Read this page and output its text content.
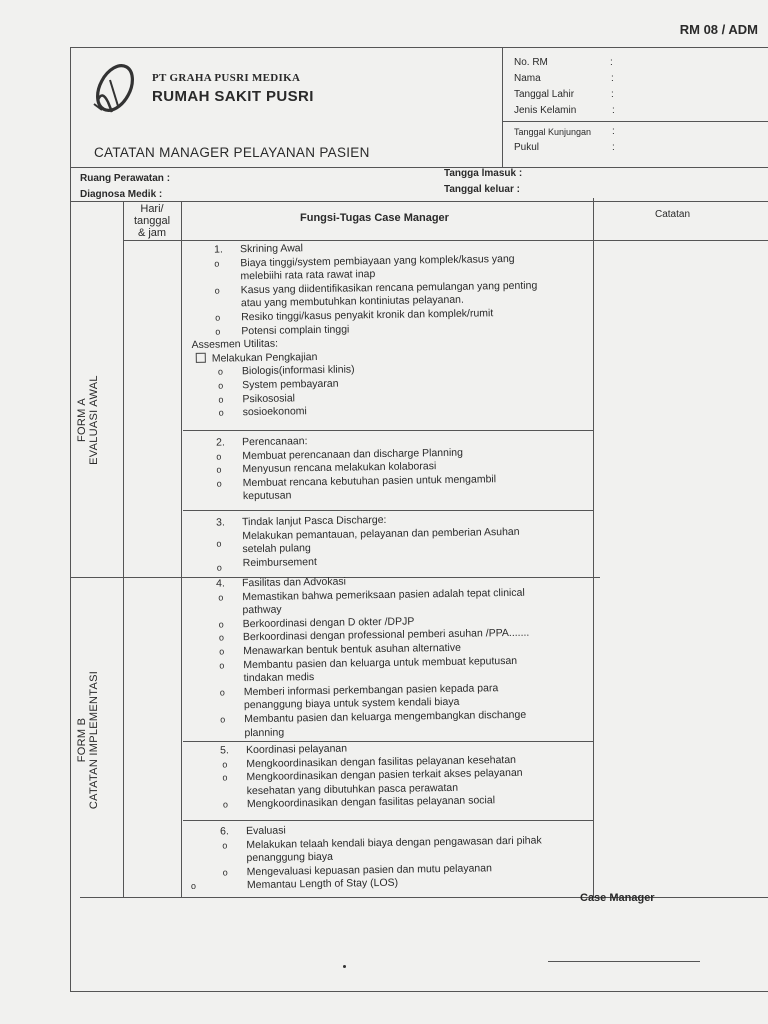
RM 08 / ADM
PT GRAHA PUSRI MEDIKA
RUMAH SAKIT PUSRI
CATATAN MANAGER PELAYANAN PASIEN
No. RM
Nama
Tanggal Lahir
Jenis Kelamin
:
:
:
:
Tanggal Kunjungan
Pukul
:
:
Ruang Perawatan :
Diagnosa Medik :
Tangga lmasuk :
Tanggal keluar :
Hari/
tanggal
& jam
Fungsi-Tugas Case Manager	Catatan
FORM A EVALUASI AWAL
FORM B CATATAN IMPLEMENTASI
1. Skrining Awal
o Biaya tinggi/system pembiayaan yang komplek/kasus yang
melebiihi rata rata rawat inap
o Kasus yang diidentifikasikan rencana pemulangan yang penting
atau yang membutuhkan kontiniutas pelayanan.
o Resiko tinggi/kasus penyakit kronik dan komplek/rumit
o Potensi complain tinggi
Assesmen Utilitas:
Melakukan Pengkajian
o Biologis(informasi klinis)
o System pembayaran
o Psikososial
o sosioekonomi
2. Perencanaan:
o Membuat perencanaan dan discharge Planning
o Menyusun rencana melakukan kolaborasi
o Membuat rencana kebutuhan pasien untuk mengambil
keputusan
3. Tindak lanjut Pasca Discharge:
o
Melakukan pemantauan, pelayanan dan pemberian Asuhan
setelah pulang
o Reimbursement
4. Fasilitas dan Advokasi
o Memastikan bahwa pemeriksaan pasien adalah tepat clinical
pathway
o Berkoordinasi dengan D okter /DPJP
o Berkoordinasi dengan professional pemberi asuhan /PPA.......
o Menawarkan bentuk bentuk asuhan alternative
o Membantu pasien dan keluarga untuk membuat keputusan
tindakan medis
o Memberi informasi perkembangan pasien kepada para
penanggung biaya untuk system kendali biaya
o Membantu pasien dan keluarga mengembangkan dischange
planning
5. Koordinasi pelayanan
o Mengkoordinasikan dengan fasilitas pelayanan kesehatan
o Mengkoordinasikan dengan pasien terkait akses pelayanan
kesehatan yang dibutuhkan pasca perawatan
o Mengkoordinasikan dengan fasilitas pelayanan social
6. Evaluasi
o Melakukan telaah kendali biaya dengan pengawasan dari pihak
penanggung biaya
o Mengevaluasi kepuasan pasien dan mutu pelayanan
o	Memantau Length of Stay (LOS)
Case Manager
